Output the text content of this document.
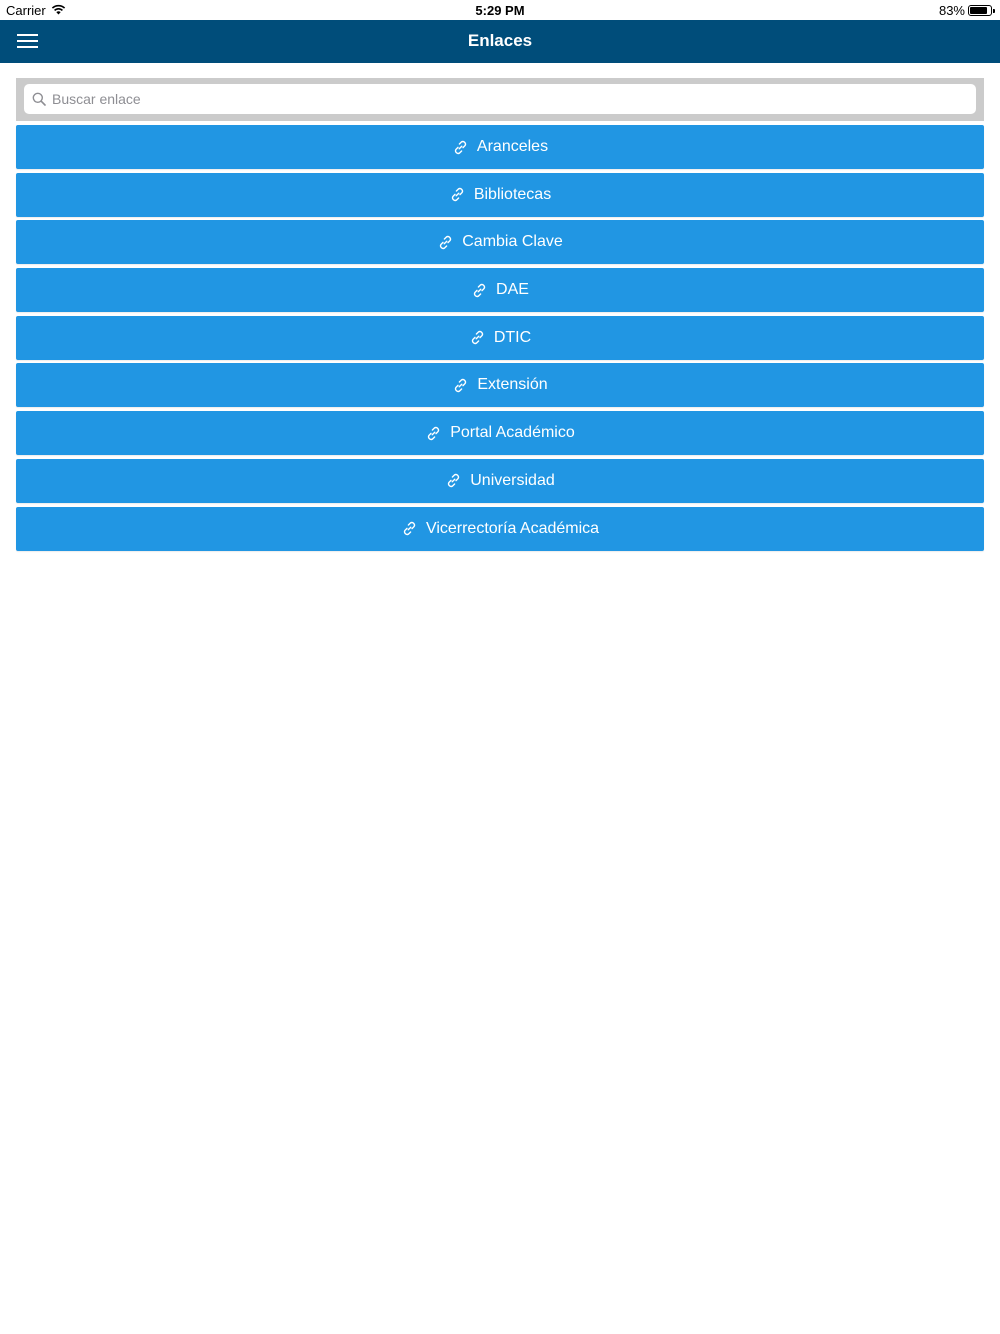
Carrier	5:29 PM	83%
Enlaces
Buscar enlace
Aranceles
Bibliotecas
Cambia Clave
DAE
DTIC
Extensión
Portal Académico
Universidad
Vicerrectoría Académica
